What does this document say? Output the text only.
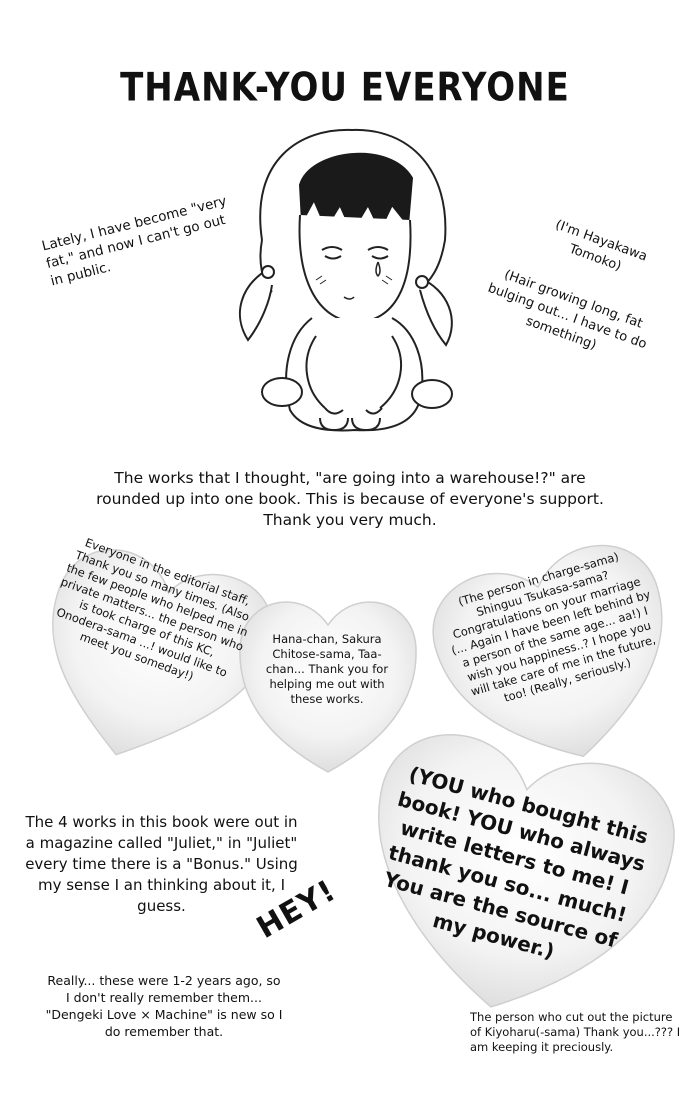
THANK-YOU EVERYONE
Lately, I have become "very fat," and now I can't go out in public.
(I'm Hayakawa Tomoko)
(Hair growing long, fat bulging out... I have to do something)
The works that I thought, "are going into a warehouse!?" are rounded up into one book. This is because of everyone's support. Thank you very much.
Everyone in the editorial staff, Thank you so many times. (Also the few people who helped me in private matters... the person who is took charge of this KC, Onodera-sama ...! would like to meet you someday!)	Hana-chan, Sakura Chitose-sama, Taa-chan... Thank you for helping me out with these works.
(The person in charge-sama) Shinguu Tsukasa-sama? Congratulations on your marriage (... Again I have been left behind by a person of the same age... aa!) I wish you happiness..? I hope you will take care of me in the future, too! (Really, seriously.)
The 4 works in this book were out in a magazine called "Juliet," in "Juliet" every time there is a "Bonus." Using my sense I an thinking about it, I guess.	HEY!
(YOU who bought this book! YOU who always write letters to me! I thank you so... much! You are the source of my power.)
Really... these were 1-2 years ago, so I don't really remember them... "Dengeki Love × Machine" is new so I do remember that.
The person who cut out the picture of Kiyoharu(-sama) Thank you...??? I am keeping it preciously.
